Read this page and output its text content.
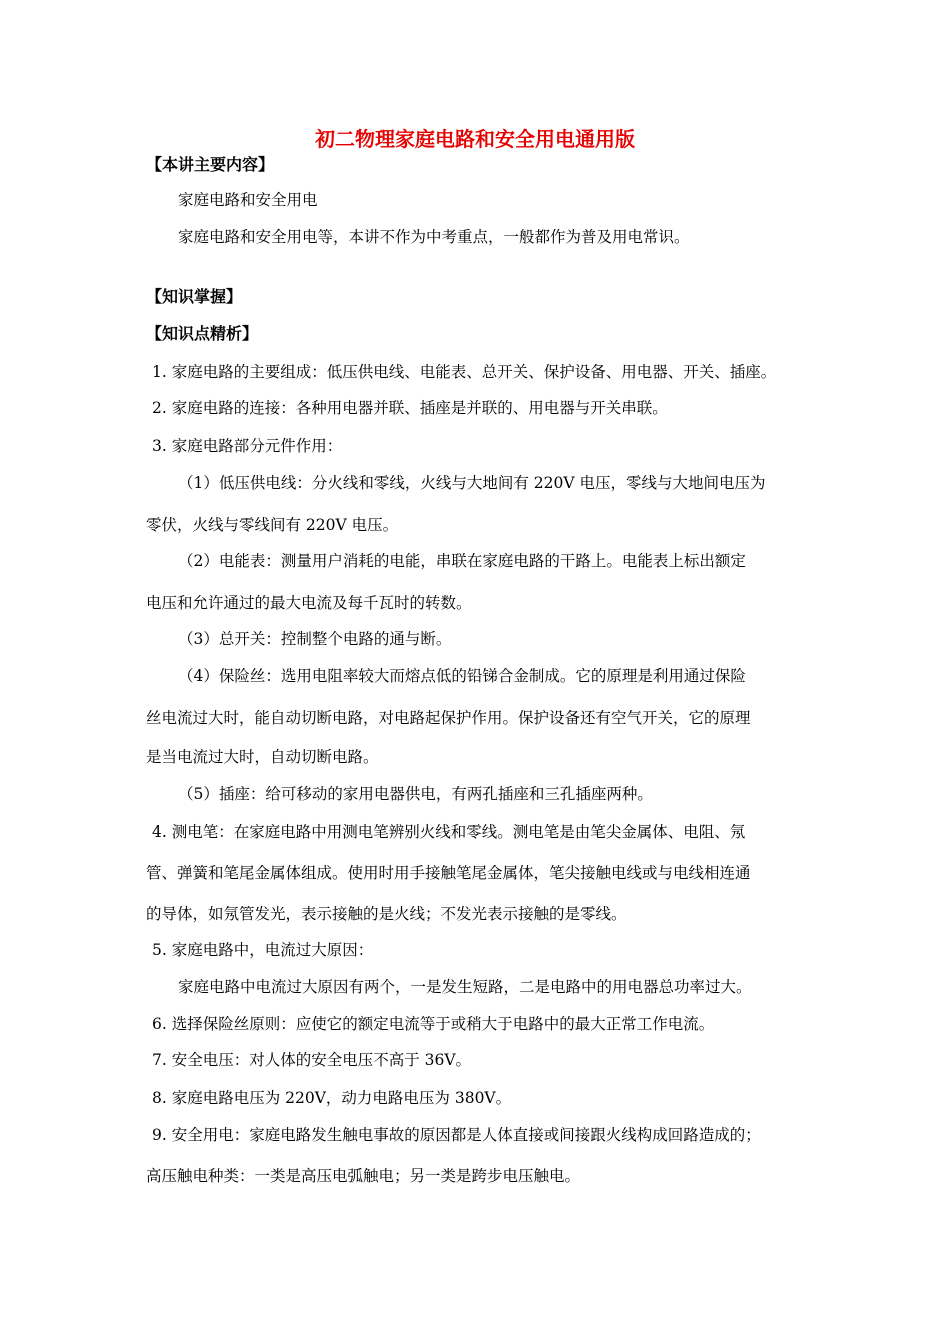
初二物理家庭电路和安全用电通用版
【本讲主要内容】
家庭电路和安全用电
家庭电路和安全用电等，本讲不作为中考重点，一般都作为普及用电常识。
【知识掌握】
【知识点精析】
1. 家庭电路的主要组成：低压供电线、电能表、总开关、保护设备、用电器、开关、插座。
2. 家庭电路的连接：各种用电器并联、插座是并联的、用电器与开关串联。
3. 家庭电路部分元件作用：
（1）低压供电线：分火线和零线，火线与大地间有 220V 电压，零线与大地间电压为
零伏，火线与零线间有 220V 电压。
（2）电能表：测量用户消耗的电能，串联在家庭电路的干路上。电能表上标出额定
电压和允许通过的最大电流及每千瓦时的转数。
（3）总开关：控制整个电路的通与断。
（4）保险丝：选用电阻率较大而熔点低的铅锑合金制成。它的原理是利用通过保险
丝电流过大时，能自动切断电路，对电路起保护作用。保护设备还有空气开关，它的原理
是当电流过大时，自动切断电路。
（5）插座：给可移动的家用电器供电，有两孔插座和三孔插座两种。
4. 测电笔：在家庭电路中用测电笔辨别火线和零线。测电笔是由笔尖金属体、电阻、氖
管、弹簧和笔尾金属体组成。使用时用手接触笔尾金属体，笔尖接触电线或与电线相连通
的导体，如氖管发光，表示接触的是火线；不发光表示接触的是零线。
5. 家庭电路中，电流过大原因：
家庭电路中电流过大原因有两个，一是发生短路，二是电路中的用电器总功率过大。
6. 选择保险丝原则：应使它的额定电流等于或稍大于电路中的最大正常工作电流。
7. 安全电压：对人体的安全电压不高于 36V。
8. 家庭电路电压为 220V，动力电路电压为 380V。
9. 安全用电：家庭电路发生触电事故的原因都是人体直接或间接跟火线构成回路造成的；
高压触电种类：一类是高压电弧触电；另一类是跨步电压触电。
